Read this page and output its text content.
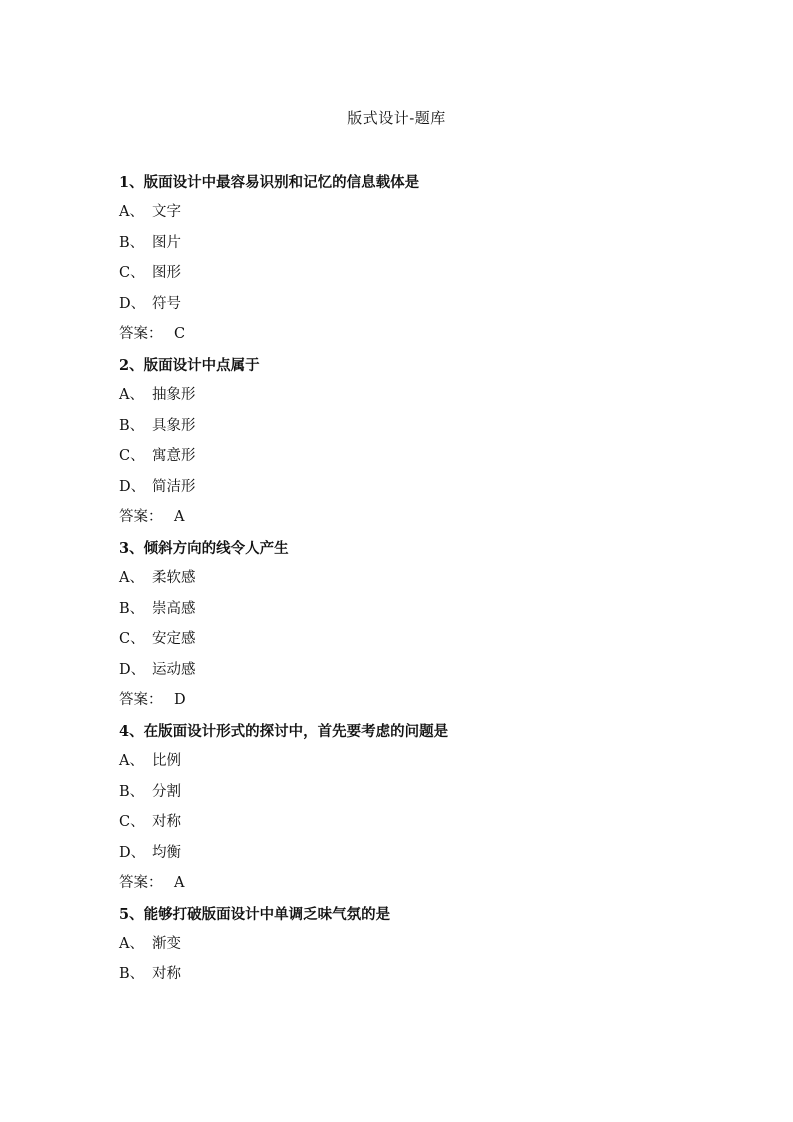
版式设计-题库
1、版面设计中最容易识别和记忆的信息载体是
A、 文字
B、 图片
C、 图形
D、 符号
答案： C
2、版面设计中点属于
A、 抽象形
B、 具象形
C、 寓意形
D、 简洁形
答案： A
3、倾斜方向的线令人产生
A、 柔软感
B、 崇高感
C、 安定感
D、 运动感
答案： D
4、在版面设计形式的探讨中，首先要考虑的问题是
A、 比例
B、 分割
C、 对称
D、 均衡
答案： A
5、能够打破版面设计中单调乏味气氛的是
A、 渐变
B、 对称
